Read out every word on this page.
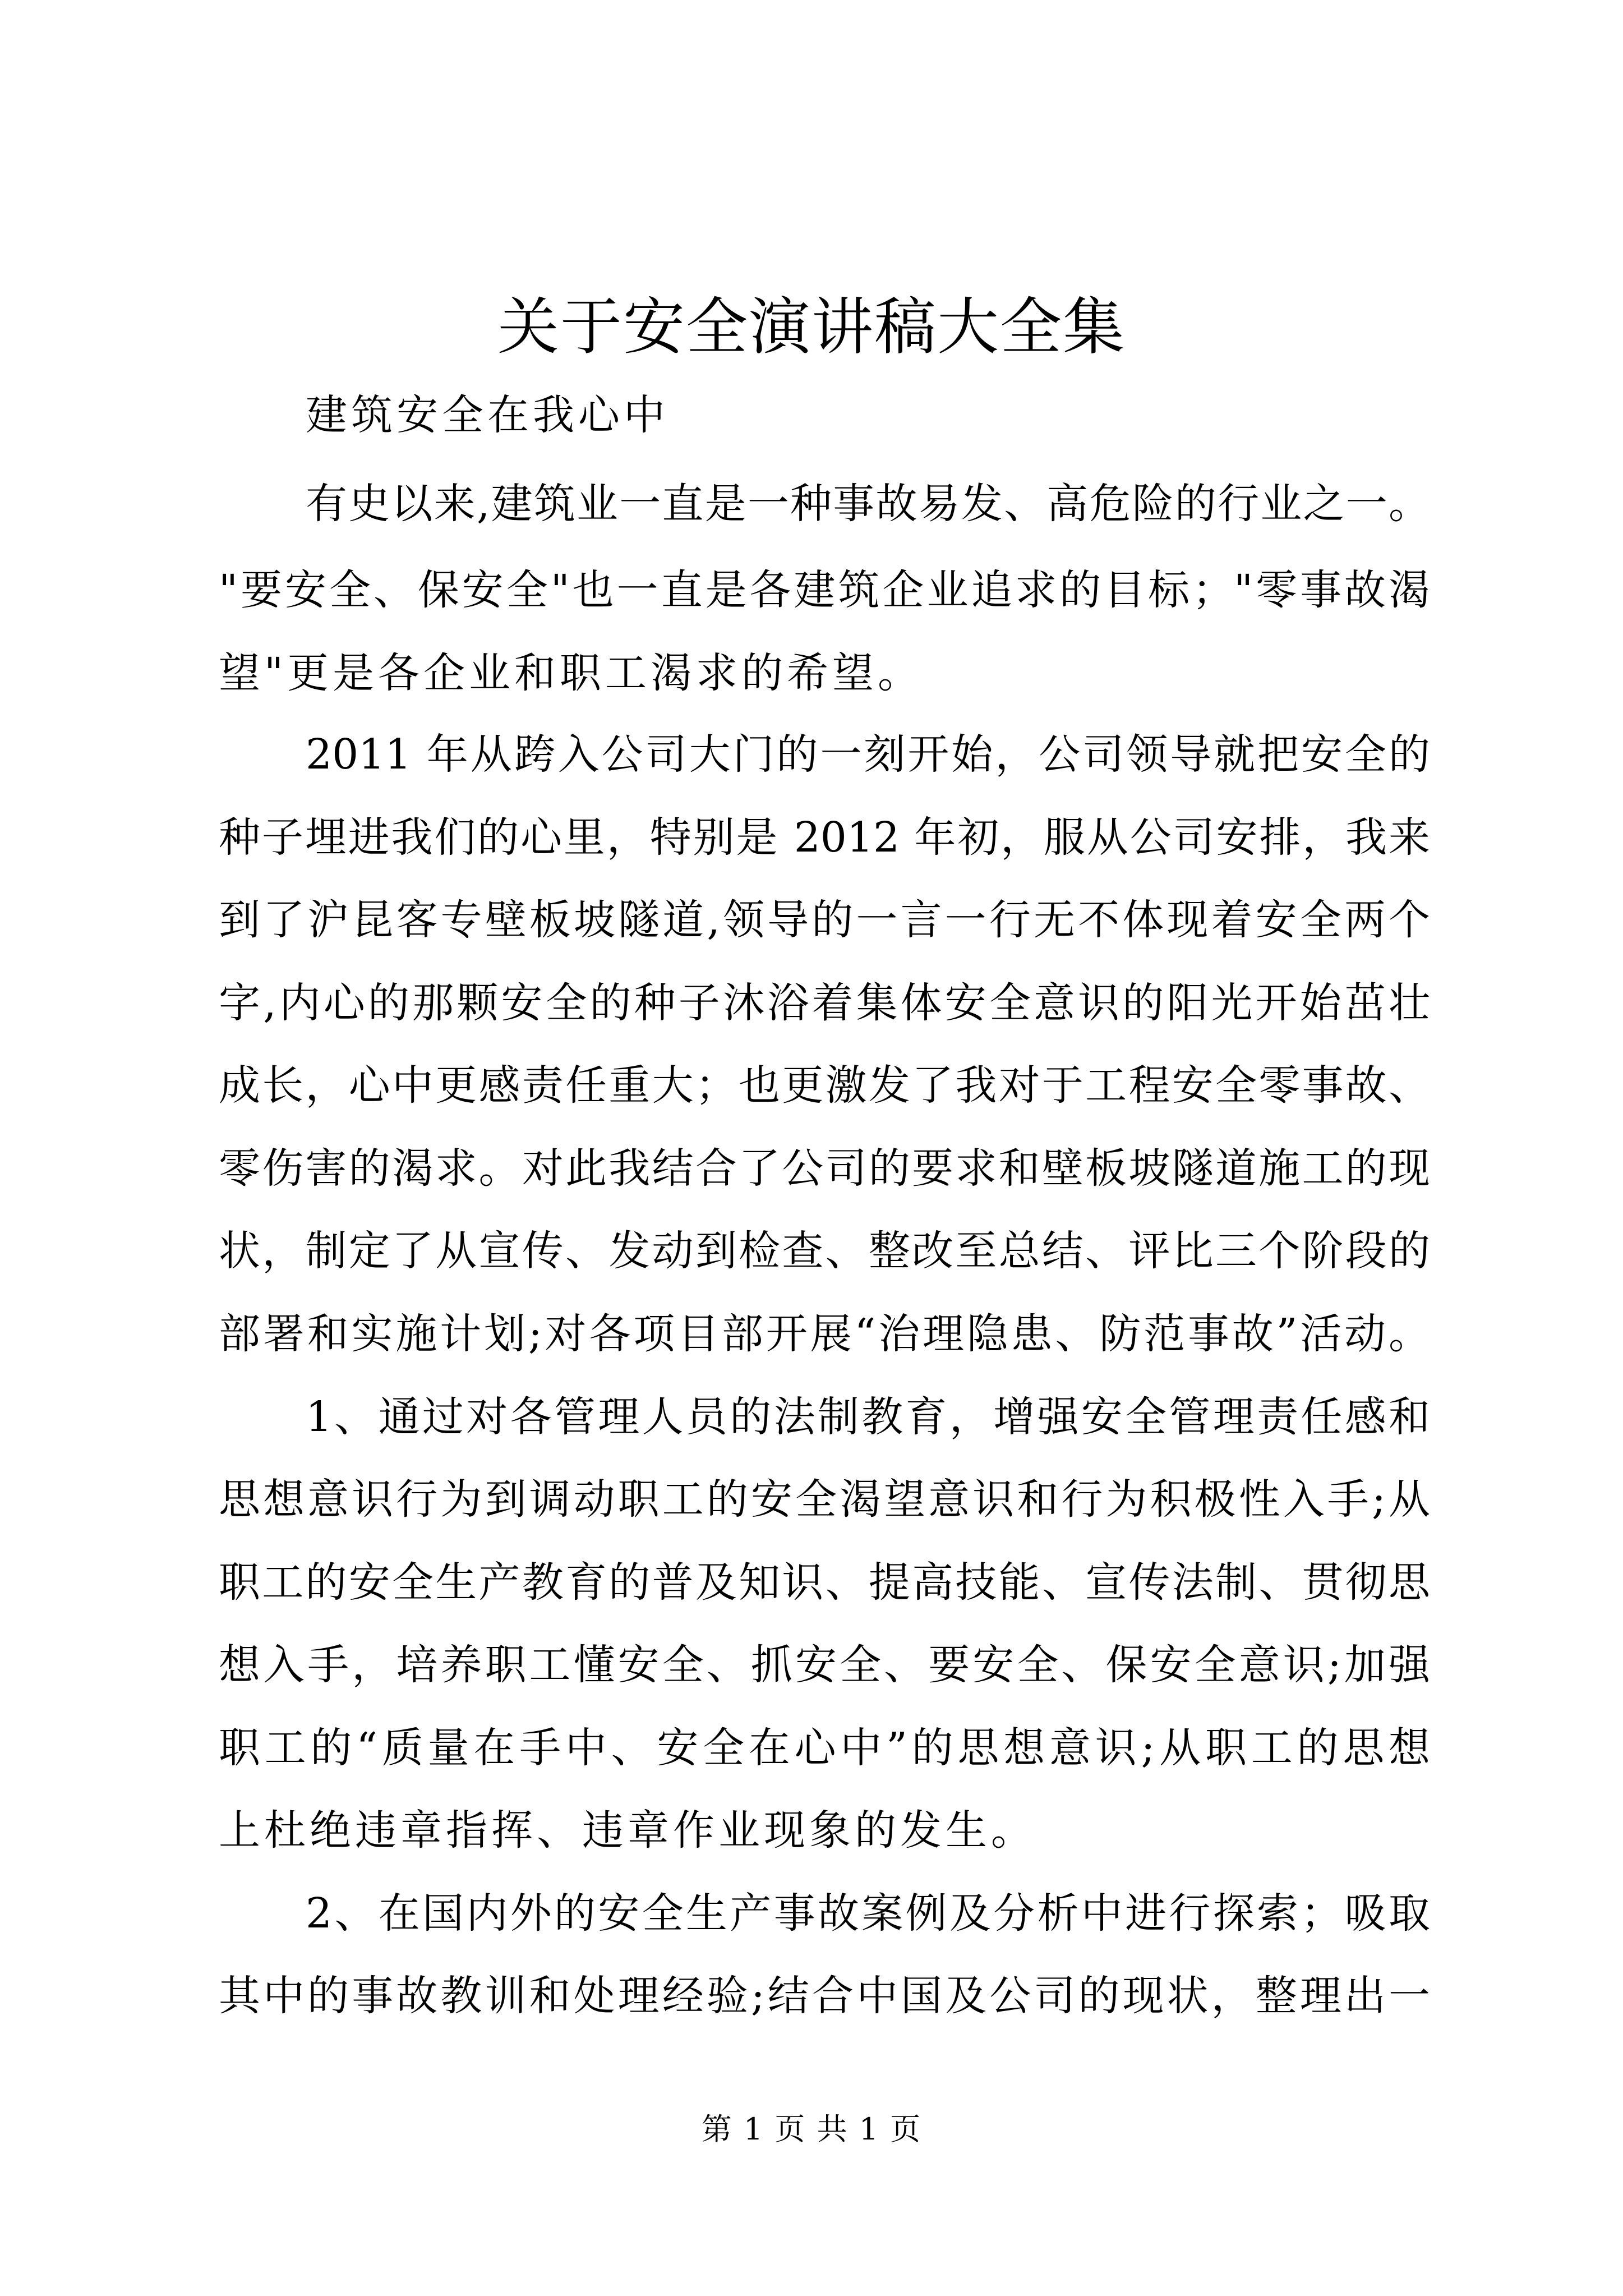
关于安全演讲稿大全集

建筑安全在我心中

有史以来,建筑业一直是一种事故易发、高危险的行业之一。

"要安全、保安全"也一直是各建筑企业追求的目标；"零事故渴

望"更是各企业和职工渴求的希望。

2011 年从跨入公司大门的一刻开始，公司领导就把安全的

种子埋进我们的心里，特别是 2012 年初，服从公司安排，我来

到了沪昆客专壁板坡隧道,领导的一言一行无不体现着安全两个

字,内心的那颗安全的种子沐浴着集体安全意识的阳光开始茁壮

成长，心中更感责任重大；也更激发了我对于工程安全零事故、

零伤害的渴求。对此我结合了公司的要求和壁板坡隧道施工的现

状，制定了从宣传、发动到检查、整改至总结、评比三个阶段的

部署和实施计划;对各项目部开展“治理隐患、防范事故”活动。

1、通过对各管理人员的法制教育，增强安全管理责任感和

思想意识行为到调动职工的安全渴望意识和行为积极性入手;从

职工的安全生产教育的普及知识、提高技能、宣传法制、贯彻思

想入手，培养职工懂安全、抓安全、要安全、保安全意识;加强

职工的“质量在手中、安全在心中”的思想意识;从职工的思想

上杜绝违章指挥、违章作业现象的发生。

2、在国内外的安全生产事故案例及分析中进行探索；吸取

其中的事故教训和处理经验;结合中国及公司的现状，整理出一

第 1 页 共 1 页
